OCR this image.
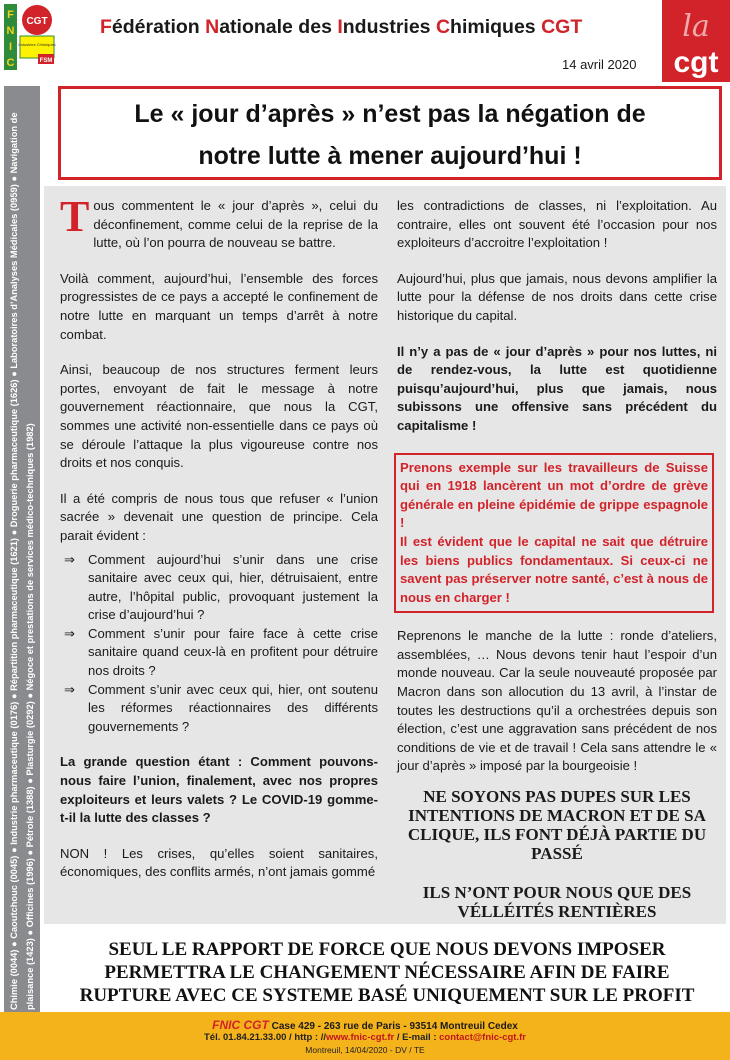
F
N
I
C
CGT
Industries Chimiques
FSM
Fédération Nationale des Industries Chimiques CGT
14 avril 2020
la
cgt
Chimie (0044) ● Caoutchouc (0045) ● Industrie pharmaceutique (0176) ● Répartition pharmaceutique (1621) ● Droguerie pharmaceutique (1626) ● Laboratoires d’Analyses Médicales (0959) ● Navigation de plaisance (1423) ● Officines (1996) ● Pétrole (1388) ● Plasturgie (0292) ● Négoce et prestations de services médico-techniques (1982)
Le « jour d’après » n’est pas la négation de
notre lutte à mener aujourd’hui !

Tous commentent le « jour d’après », celui du déconfinement, comme celui de la reprise de la lutte, où l’on pourra de nouveau se battre.

Voilà comment, aujourd’hui, l’ensemble des forces progressistes de ce pays a accepté le confinement de notre lutte en marquant un temps d’arrêt à notre combat.

Ainsi, beaucoup de nos structures ferment leurs portes, envoyant de fait le message à notre gouvernement réactionnaire, que nous la CGT, sommes une activité non-essentielle dans ce pays où se déroule l’attaque la plus vigoureuse contre nos droits et nos conquis.

Il a été compris de nous tous que refuser « l’union sacrée » devenait une question de principe. Cela parait évident :

⇒ Comment aujourd’hui s’unir dans une crise sanitaire avec ceux qui, hier, détruisaient, entre autre, l’hôpital public, provoquant justement la crise d’aujourd’hui ?
⇒ Comment s’unir pour faire face à cette crise sanitaire quand ceux-là en profitent pour détruire nos droits ?
⇒ Comment s’unir avec ceux qui, hier, ont soutenu les réformes réactionnaires des différents gouvernements ?

La grande question étant : Comment pouvons-nous faire l’union, finalement, avec nos propres exploiteurs et leurs valets ? Le COVID-19 gomme-t-il la lutte des classes ?

NON ! Les crises, qu’elles soient sanitaires, économiques, des conflits armés, n’ont jamais gommé

les contradictions de classes, ni l’exploitation. Au contraire, elles ont souvent été l’occasion pour nos exploiteurs d’accroitre l’exploitation !

Aujourd’hui, plus que jamais, nous devons amplifier la lutte pour la défense de nos droits dans cette crise historique du capital.

Il n’y a pas de « jour d’après » pour nos luttes, ni de rendez-vous, la lutte est quotidienne puisqu’aujourd’hui, plus que jamais, nous subissons une offensive sans précédent du capitalisme !

Prenons exemple sur les travailleurs de Suisse qui en 1918 lancèrent un mot d’ordre de grève générale en pleine épidémie de grippe espagnole !
Il est évident que le capital ne sait que détruire les biens publics fondamentaux. Si ceux-ci ne savent pas préserver notre santé, c’est à nous de nous en charger !

Reprenons le manche de la lutte : ronde d’ateliers, assemblées, … Nous devons tenir haut l’espoir d’un monde nouveau. Car la seule nouveauté proposée par Macron dans son allocution du 13 avril, à l’instar de toutes les destructions qu’il a orchestrées depuis son élection, c’est une aggravation sans précédent de nos conditions de vie et de travail ! Cela sans attendre le « jour d’après » imposé par la bourgeoisie !

NE SOYONS PAS DUPES SUR LES INTENTIONS DE MACRON ET DE SA CLIQUE, ILS FONT DÉJÀ PARTIE DU PASSÉ

ILS N’ONT POUR NOUS QUE DES VÉLLÉITÉS RENTIÈRES

SEUL LE RAPPORT DE FORCE QUE NOUS DEVONS IMPOSER
PERMETTRA LE CHANGEMENT NÉCESSAIRE AFIN DE FAIRE
RUPTURE AVEC CE SYSTEME BASÉ UNIQUEMENT SUR LE PROFIT
FNIC CGT Case 429 - 263 rue de Paris - 93514 Montreuil Cedex
Tél. 01.84.21.33.00 / http : //www.fnic-cgt.fr / E-mail : contact@fnic-cgt.fr
Montreuil, 14/04/2020 - DV / TE
